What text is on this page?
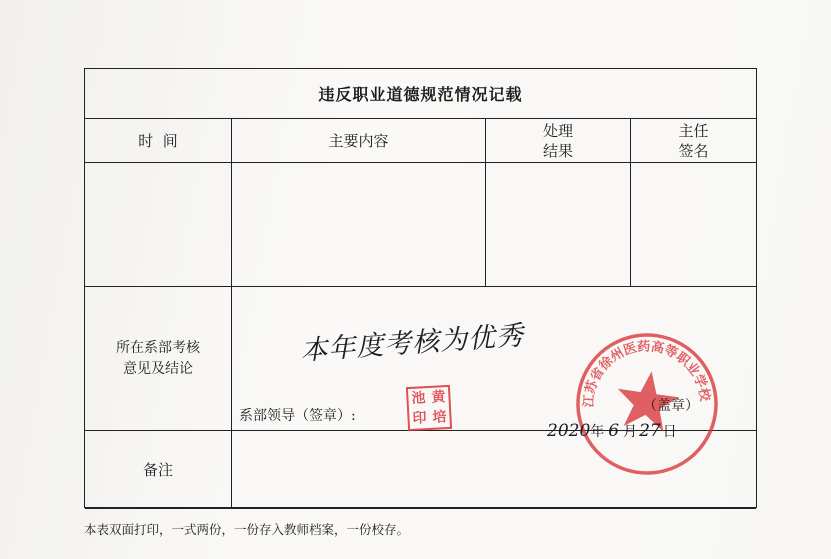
违反职业道德规范情况记载
时  间	主要内容
处理
结果
主任
签名
所在系部考核
意见及结论
备注
本年度考核为优秀
系部领导（签章）:
池 黄
印 培
江苏省徐州医药高等职业学校
（盖章）
2020 年 6 月 27 日
本表双面打印，一式两份，一份存入教师档案，一份校存。
